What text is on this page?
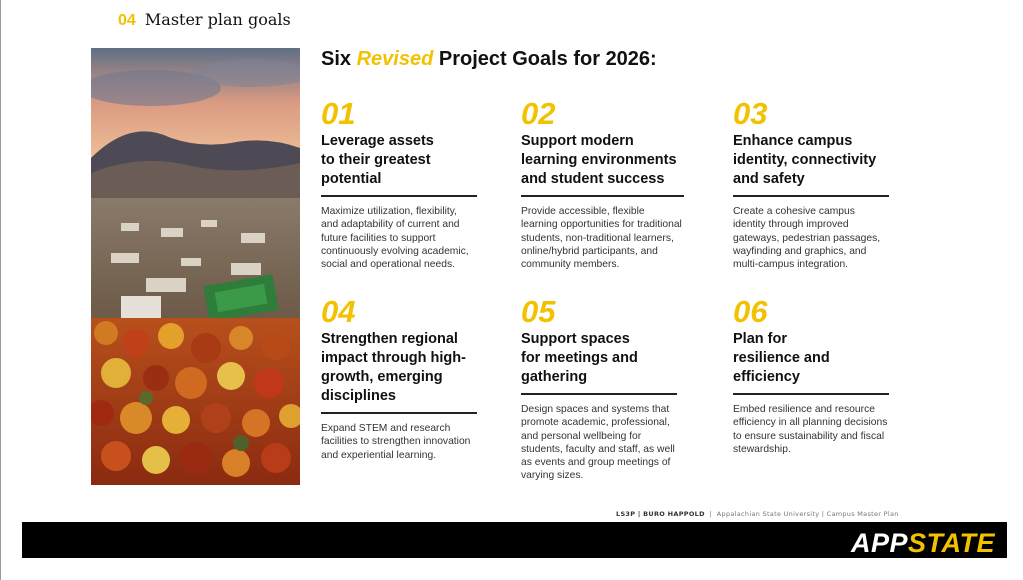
04 Master plan goals
Six Revised Project Goals for 2026:
01
Leverage assets
to their greatest
potential
Maximize utilization, flexibility, and adaptability of current and future facilities to support continuously evolving academic, social and operational needs.
02
Support modern
learning environments
and student success
Provide accessible, flexible learning opportunities for traditional students, non-traditional learners, online/hybrid participants, and community members.
03
Enhance campus
identity, connectivity
and safety
Create a cohesive campus identity through improved gateways, pedestrian passages, wayfinding and graphics, and multi-campus integration.
04
Strengthen regional
impact through high-
growth, emerging
disciplines
Expand STEM and research facilities to strengthen innovation and experiential learning.
05
Support spaces
for meetings and
gathering
Design spaces and systems that promote academic, professional, and personal wellbeing for students, faculty and staff, as well as events and group meetings of varying sizes.
06
Plan for
resilience and
efficiency
Embed resilience and resource efficiency in all planning decisions to ensure sustainability and fiscal stewardship.
LS3P | BURO HAPPOLD | Appalachian State University | Campus Master Plan
APPSTATE
